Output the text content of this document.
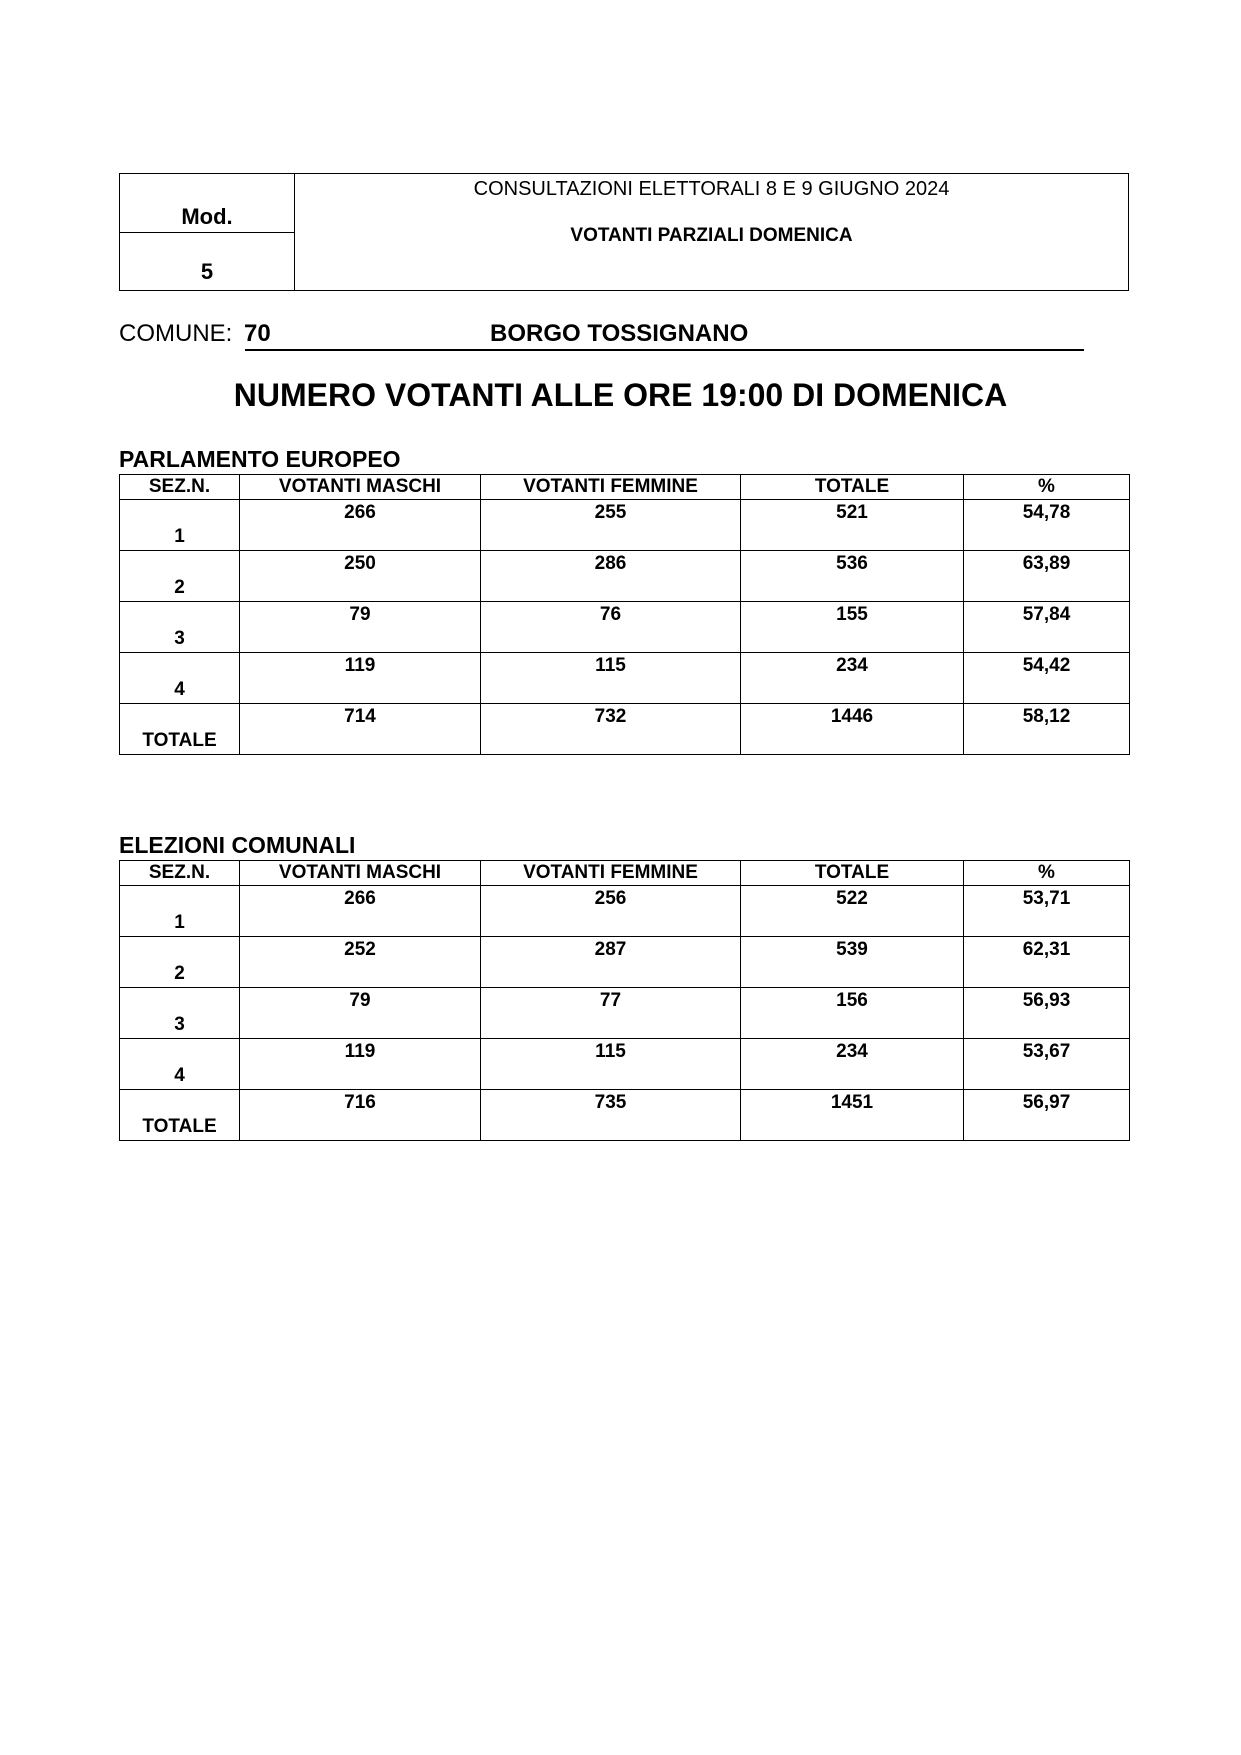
Mod.
5
CONSULTAZIONI ELETTORALI 8 E 9 GIUGNO 2024
VOTANTI PARZIALI DOMENICA
COMUNE: 70	BORGO TOSSIGNANO
NUMERO VOTANTI ALLE ORE 19:00 DI DOMENICA
PARLAMENTO EUROPEO
SEZ.N.	VOTANTI MASCHI	VOTANTI FEMMINE	TOTALE	%
1	266	255	521	54,78
2	250	286	536	63,89
3	79	76	155	57,84
4	119	115	234	54,42
TOTALE	714	732	1446	58,12
ELEZIONI COMUNALI
SEZ.N.	VOTANTI MASCHI	VOTANTI FEMMINE	TOTALE	%
1	266	256	522	53,71
2	252	287	539	62,31
3	79	77	156	56,93
4	119	115	234	53,67
TOTALE	716	735	1451	56,97
